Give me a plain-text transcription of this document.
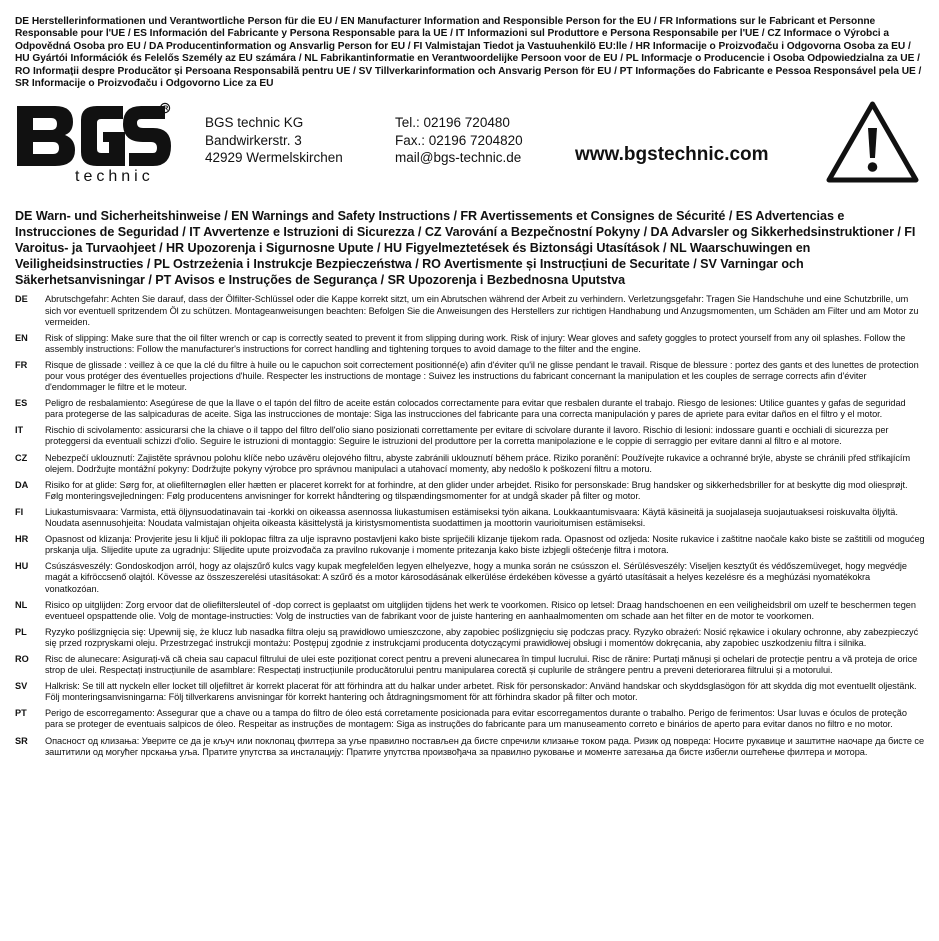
DE Herstellerinformationen und Verantwortliche Person für die EU / EN Manufacturer Information and Responsible Person for the EU / FR Informations sur le Fabricant et Personne Responsable pour l'UE / ES Información del Fabricante y Persona Responsable para la UE / IT Informazioni sul Produttore e Persona Responsabile per l'UE / CZ Informace o Výrobci a Odpovědná Osoba pro EU / DA Producentinformation og Ansvarlig Person for EU / FI Valmistajan Tiedot ja Vastuuhenkilö EU:lle / HR Informacije o Proizvođaču i Odgovorna Osoba za EU / HU Gyártói Információk és Felelős Személy az EU számára / NL Fabrikantinformatie en Verantwoordelijke Persoon voor de EU / PL Informacje o Producencie i Osoba Odpowiedzialna za UE / RO Informații despre Producător și Persoana Responsabilă pentru UE / SV Tillverkarinformation och Ansvarig Person för EU / PT Informações do Fabricante e Pessoa Responsável pela UE / SR Informacije o Proizvođaču i Odgovorno Lice za EU

R
technic
BGS technic KG
Bandwirkerstr. 3
42929 Wermelskirchen
Tel.: 02196 720480
Fax.: 02196 7204820
mail@bgs-technic.de	www.bgstechnic.com

DE Warn- und Sicherheitshinweise / EN Warnings and Safety Instructions / FR Avertissements et Consignes de Sécurité / ES Advertencias e Instrucciones de Seguridad / IT Avvertenze e Istruzioni di Sicurezza / CZ Varování a Bezpečnostní Pokyny / DA Advarsler og Sikkerhedsinstruktioner / FI Varoitus- ja Turvaohjeet / HR Upozorenja i Sigurnosne Upute / HU Figyelmeztetések és Biztonsági Utasítások / NL Waarschuwingen en Veiligheidsinstructies / PL Ostrzeżenia i Instrukcje Bezpieczeństwa / RO Avertismente și Instrucțiuni de Securitate / SV Varningar och Säkerhetsanvisningar / PT Avisos e Instruções de Segurança / SR Upozorenja i Bezbednosna Uputstva

DE	Abrutschgefahr: Achten Sie darauf, dass der Ölfilter-Schlüssel oder die Kappe korrekt sitzt, um ein Abrutschen während der Arbeit zu verhindern. Verletzungsgefahr: Tragen Sie Handschuhe und eine Schutzbrille, um sich vor eventuell spritzendem Öl zu schützen. Montageanweisungen beachten: Befolgen Sie die Anweisungen des Herstellers zur richtigen Handhabung und Anzugsmomenten, um Schäden am Filter und am Motor zu vermeiden.
EN	Risk of slipping: Make sure that the oil filter wrench or cap is correctly seated to prevent it from slipping during work. Risk of injury: Wear gloves and safety goggles to protect yourself from any oil splashes. Follow the assembly instructions: Follow the manufacturer's instructions for correct handling and tightening torques to avoid damage to the filter and the engine.
FR	Risque de glissade : veillez à ce que la clé du filtre à huile ou le capuchon soit correctement positionné(e) afin d'éviter qu'il ne glisse pendant le travail. Risque de blessure : portez des gants et des lunettes de protection pour vous protéger des éventuelles projections d'huile. Respecter les instructions de montage : Suivez les instructions du fabricant concernant la manipulation et les couples de serrage corrects afin d'éviter d'endommager le filtre et le moteur.
ES	Peligro de resbalamiento: Asegúrese de que la llave o el tapón del filtro de aceite están colocados correctamente para evitar que resbalen durante el trabajo. Riesgo de lesiones: Utilice guantes y gafas de seguridad para protegerse de las salpicaduras de aceite. Siga las instrucciones de montaje: Siga las instrucciones del fabricante para una correcta manipulación y pares de apriete para evitar daños en el filtro y el motor.
IT	Rischio di scivolamento: assicurarsi che la chiave o il tappo del filtro dell'olio siano posizionati correttamente per evitare di scivolare durante il lavoro. Rischio di lesioni: indossare guanti e occhiali di sicurezza per proteggersi da eventuali schizzi d'olio. Seguire le istruzioni di montaggio: Seguire le istruzioni del produttore per la corretta manipolazione e le coppie di serraggio per evitare danni al filtro e al motore.
CZ	Nebezpečí uklouznutí: Zajistěte správnou polohu klíče nebo uzávěru olejového filtru, abyste zabránili uklouznutí během práce. Riziko poranění: Používejte rukavice a ochranné brýle, abyste se chránili před stříkajícím olejem. Dodržujte montážní pokyny: Dodržujte pokyny výrobce pro správnou manipulaci a utahovací momenty, aby nedošlo k poškození filtru a motoru.
DA	Risiko for at glide: Sørg for, at oliefilternøglen eller hætten er placeret korrekt for at forhindre, at den glider under arbejdet. Risiko for personskade: Brug handsker og sikkerhedsbriller for at beskytte dig mod oliesprøjt. Følg monteringsvejledningen: Følg producentens anvisninger for korrekt håndtering og tilspændingsmomenter for at undgå skader på filter og motor.
FI	Liukastumisvaara: Varmista, että öljynsuodatinavain tai -korkki on oikeassa asennossa liukastumisen estämiseksi työn aikana. Loukkaantumisvaara: Käytä käsineitä ja suojalaseja suojautuaksesi roiskuvalta öljyltä. Noudata asennusohjeita: Noudata valmistajan ohjeita oikeasta käsittelystä ja kiristysmomentista suodattimen ja moottorin vaurioitumisen estämiseksi.
HR	Opasnost od klizanja: Provjerite jesu li ključ ili poklopac filtra za ulje ispravno postavljeni kako biste spriječili klizanje tijekom rada. Opasnost od ozljeda: Nosite rukavice i zaštitne naočale kako biste se zaštitili od mogućeg prskanja ulja. Slijedite upute za ugradnju: Slijedite upute proizvođača za pravilno rukovanje i momente pritezanja kako biste izbjegli oštećenje filtra i motora.
HU	Csúszásveszély: Gondoskodjon arról, hogy az olajszűrő kulcs vagy kupak megfelelően legyen elhelyezve, hogy a munka során ne csússzon el. Sérülésveszély: Viseljen kesztyűt és védőszemüveget, hogy megvédje magát a kifröccsenő olajtól. Kövesse az összeszerelési utasításokat: A szűrő és a motor károsodásának elkerülése érdekében kövesse a gyártó utasításait a helyes kezelésre és a meghúzási nyomatékokra vonatkozóan.
NL	Risico op uitglijden: Zorg ervoor dat de oliefiltersleutel of -dop correct is geplaatst om uitglijden tijdens het werk te voorkomen. Risico op letsel: Draag handschoenen en een veiligheidsbril om uzelf te beschermen tegen eventueel opspattende olie. Volg de montage-instructies: Volg de instructies van de fabrikant voor de juiste hantering en aanhaalmomenten om schade aan het filter en de motor te voorkomen.
PL	Ryzyko poślizgnięcia się: Upewnij się, że klucz lub nasadka filtra oleju są prawidłowo umieszczone, aby zapobiec poślizgnięciu się podczas pracy. Ryzyko obrażeń: Nosić rękawice i okulary ochronne, aby zabezpieczyć się przed rozpryskami oleju. Przestrzegać instrukcji montażu: Postępuj zgodnie z instrukcjami producenta dotyczącymi prawidłowej obsługi i momentów dokręcania, aby zapobiec uszkodzeniu filtra i silnika.
RO	Risc de alunecare: Asigurați-vă că cheia sau capacul filtrului de ulei este poziționat corect pentru a preveni alunecarea în timpul lucrului. Risc de rănire: Purtați mănuși și ochelari de protecție pentru a vă proteja de orice strop de ulei. Respectați instrucțiunile de asamblare: Respectați instrucțiunile producătorului pentru manipularea corectă și cuplurile de strângere pentru a preveni deteriorarea filtrului și a motorului.
SV	Halkrisk: Se till att nyckeln eller locket till oljefiltret är korrekt placerat för att förhindra att du halkar under arbetet. Risk för personskador: Använd handskar och skyddsglasögon för att skydda dig mot eventuellt oljestänk. Följ monteringsanvisningarna: Följ tillverkarens anvisningar för korrekt hantering och åtdragningsmoment för att förhindra skador på filter och motor.
PT	Perigo de escorregamento: Assegurar que a chave ou a tampa do filtro de óleo está corretamente posicionada para evitar escorregamentos durante o trabalho. Perigo de ferimentos: Usar luvas e óculos de proteção para se proteger de eventuais salpicos de óleo. Respeitar as instruções de montagem: Siga as instruções do fabricante para um manuseamento correto e binários de aperto para evitar danos no filtro e no motor.
SR	Опасност од клизања: Уверите се да је кључ или поклопац филтера за уље правилно постављен да бисте спречили клизање током рада. Ризик од повреда: Носите рукавице и заштитне наочаре да бисте се заштитили од могућег прскања уља. Пратите упутства за инсталацију: Пратите упутства произвођача за правилно руковање и моменте затезања да бисте избегли оштећење филтера и мотора.
